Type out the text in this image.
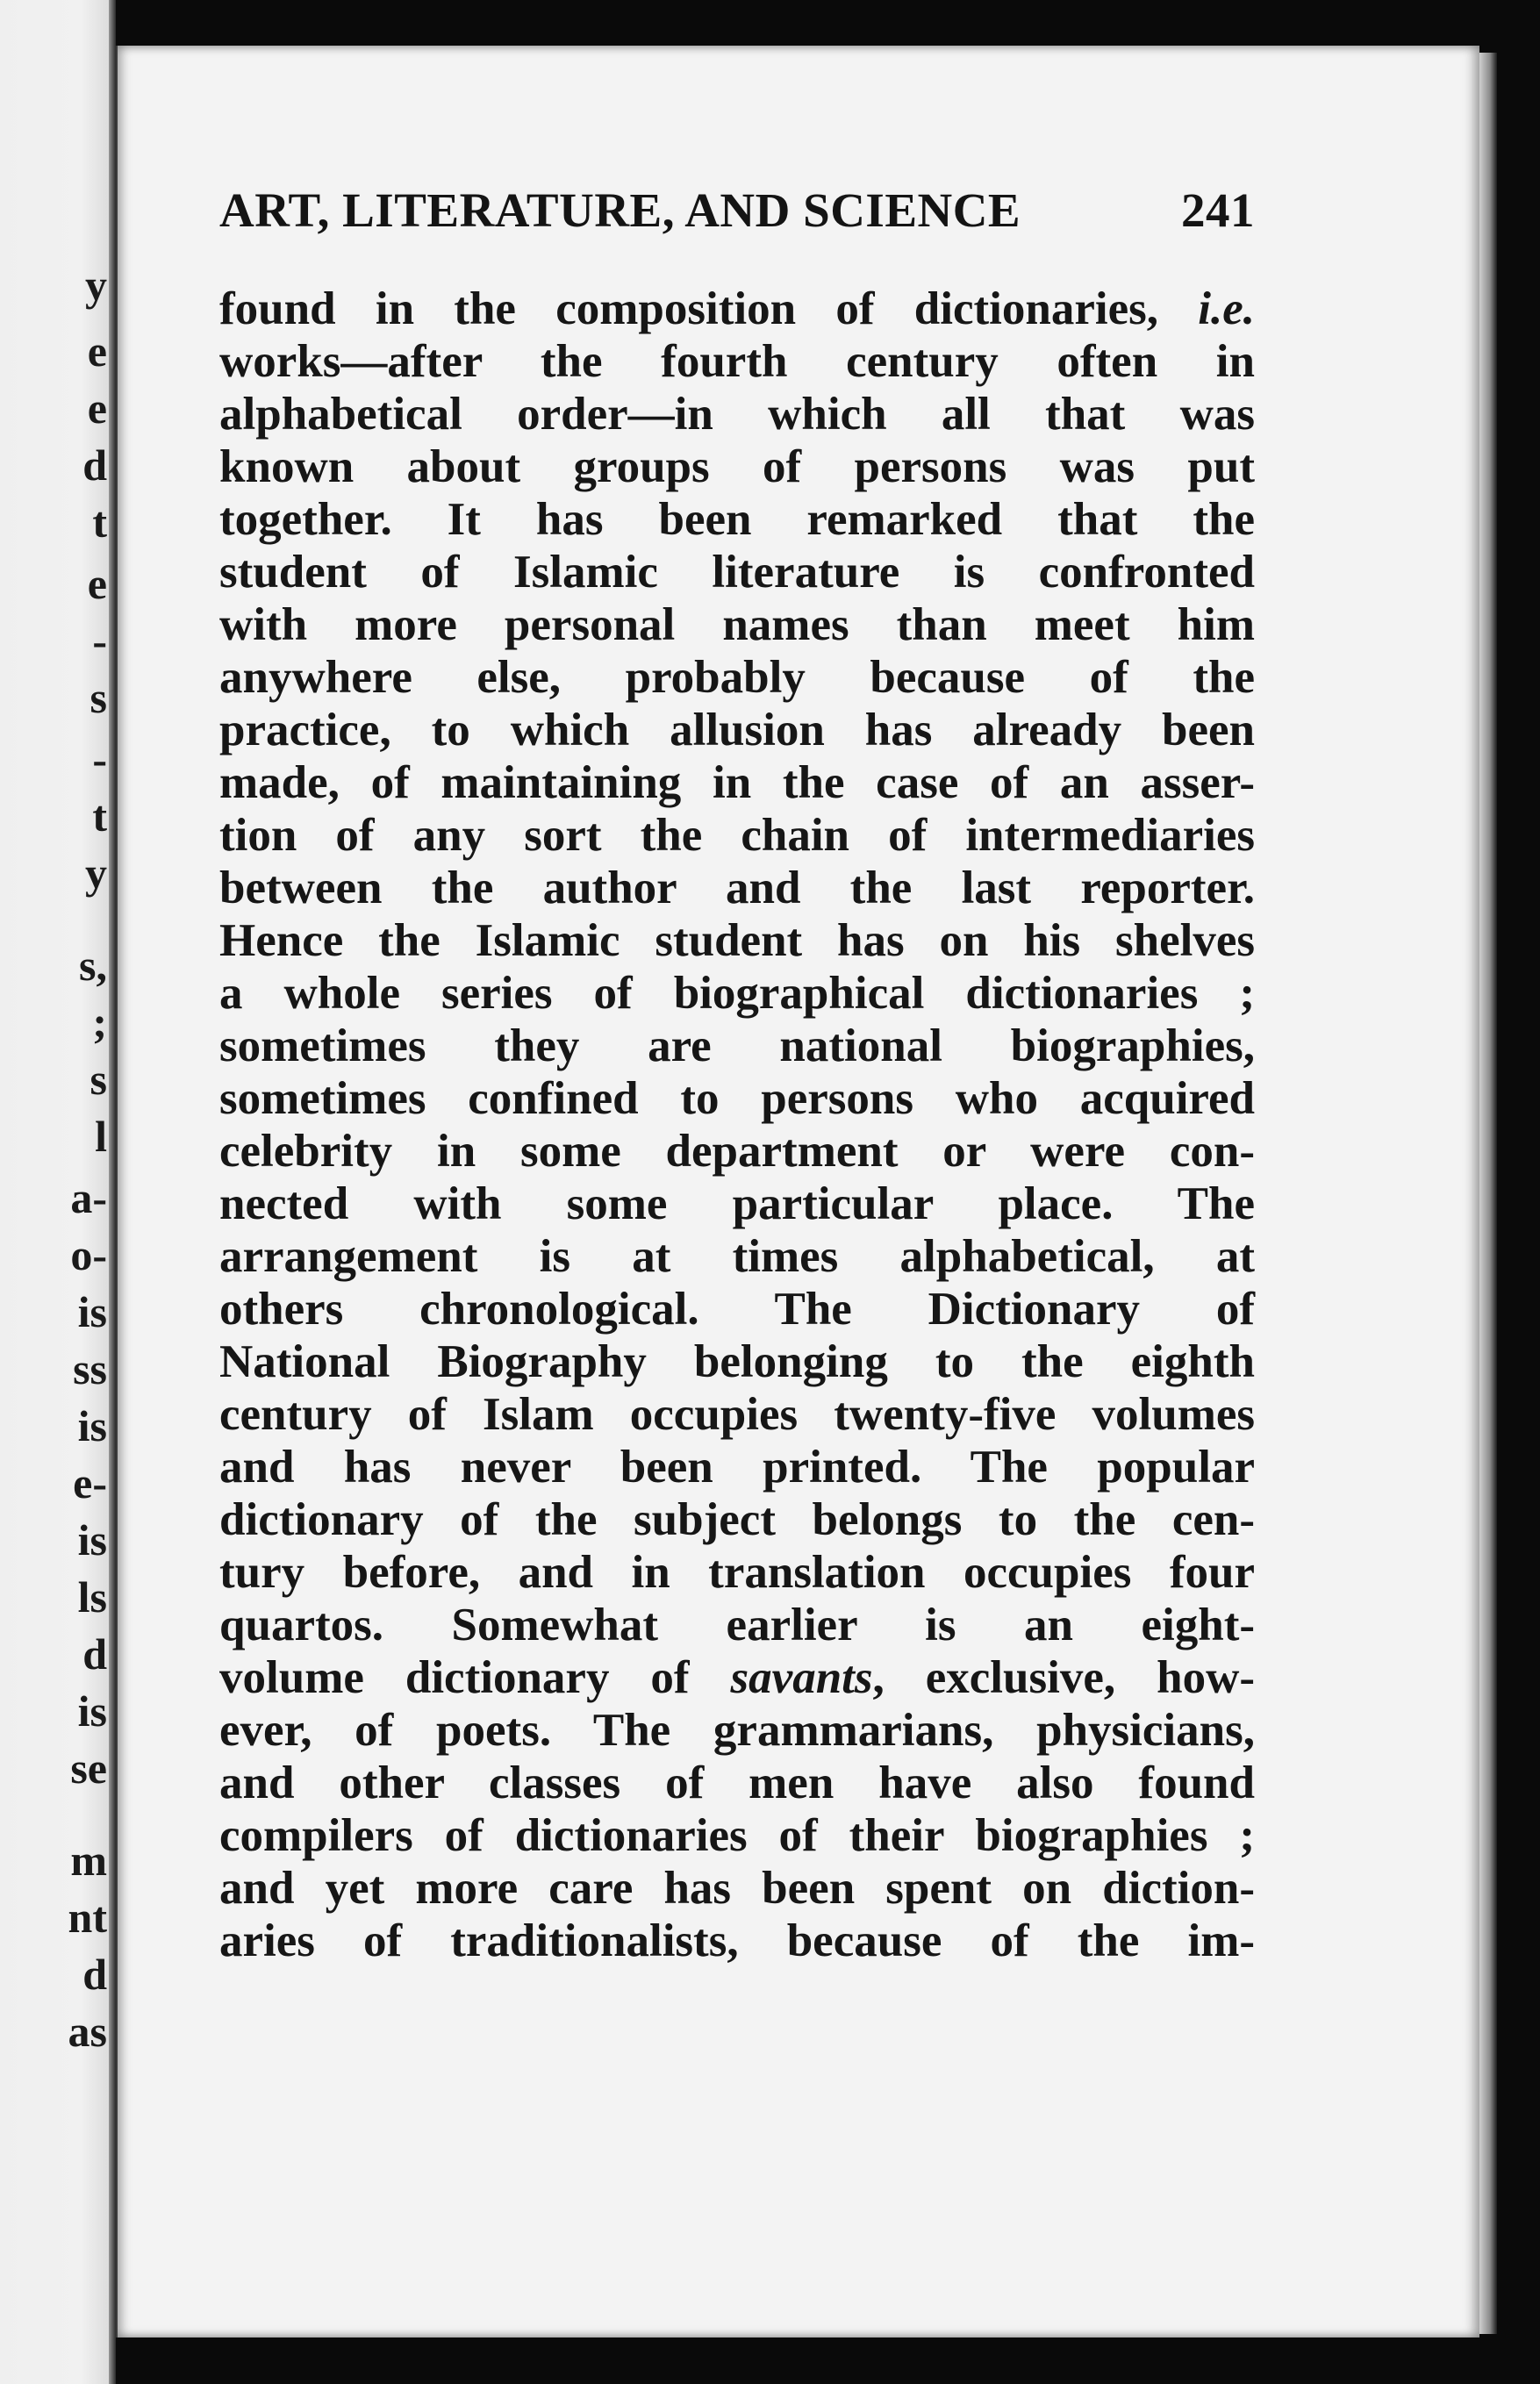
y
e
e
d
t
e
-
s
-
t
y
s,
;
s
l
a-
o-
is
ss
is
e-
is
ls
d
is
se
m
nt
d
as
ART, LITERATURE, AND SCIENCE	241
found in the composition of dictionaries, i.e.
works—after the fourth century often in
alphabetical order—in which all that was
known about groups of persons was put
together. It has been remarked that the
student of Islamic literature is confronted
with more personal names than meet him
anywhere else, probably because of the
practice, to which allusion has already been
made, of maintaining in the case of an asser-
tion of any sort the chain of intermediaries
between the author and the last reporter.
Hence the Islamic student has on his shelves
a whole series of biographical dictionaries ;
sometimes they are national biographies,
sometimes confined to persons who acquired
celebrity in some department or were con-
nected with some particular place. The
arrangement is at times alphabetical, at
others chronological. The Dictionary of
National Biography belonging to the eighth
century of Islam occupies twenty-five volumes
and has never been printed. The popular
dictionary of the subject belongs to the cen-
tury before, and in translation occupies four
quartos. Somewhat earlier is an eight-
volume dictionary of savants, exclusive, how-
ever, of poets. The grammarians, physicians,
and other classes of men have also found
compilers of dictionaries of their biographies ;
and yet more care has been spent on diction-
aries of traditionalists, because of the im-
